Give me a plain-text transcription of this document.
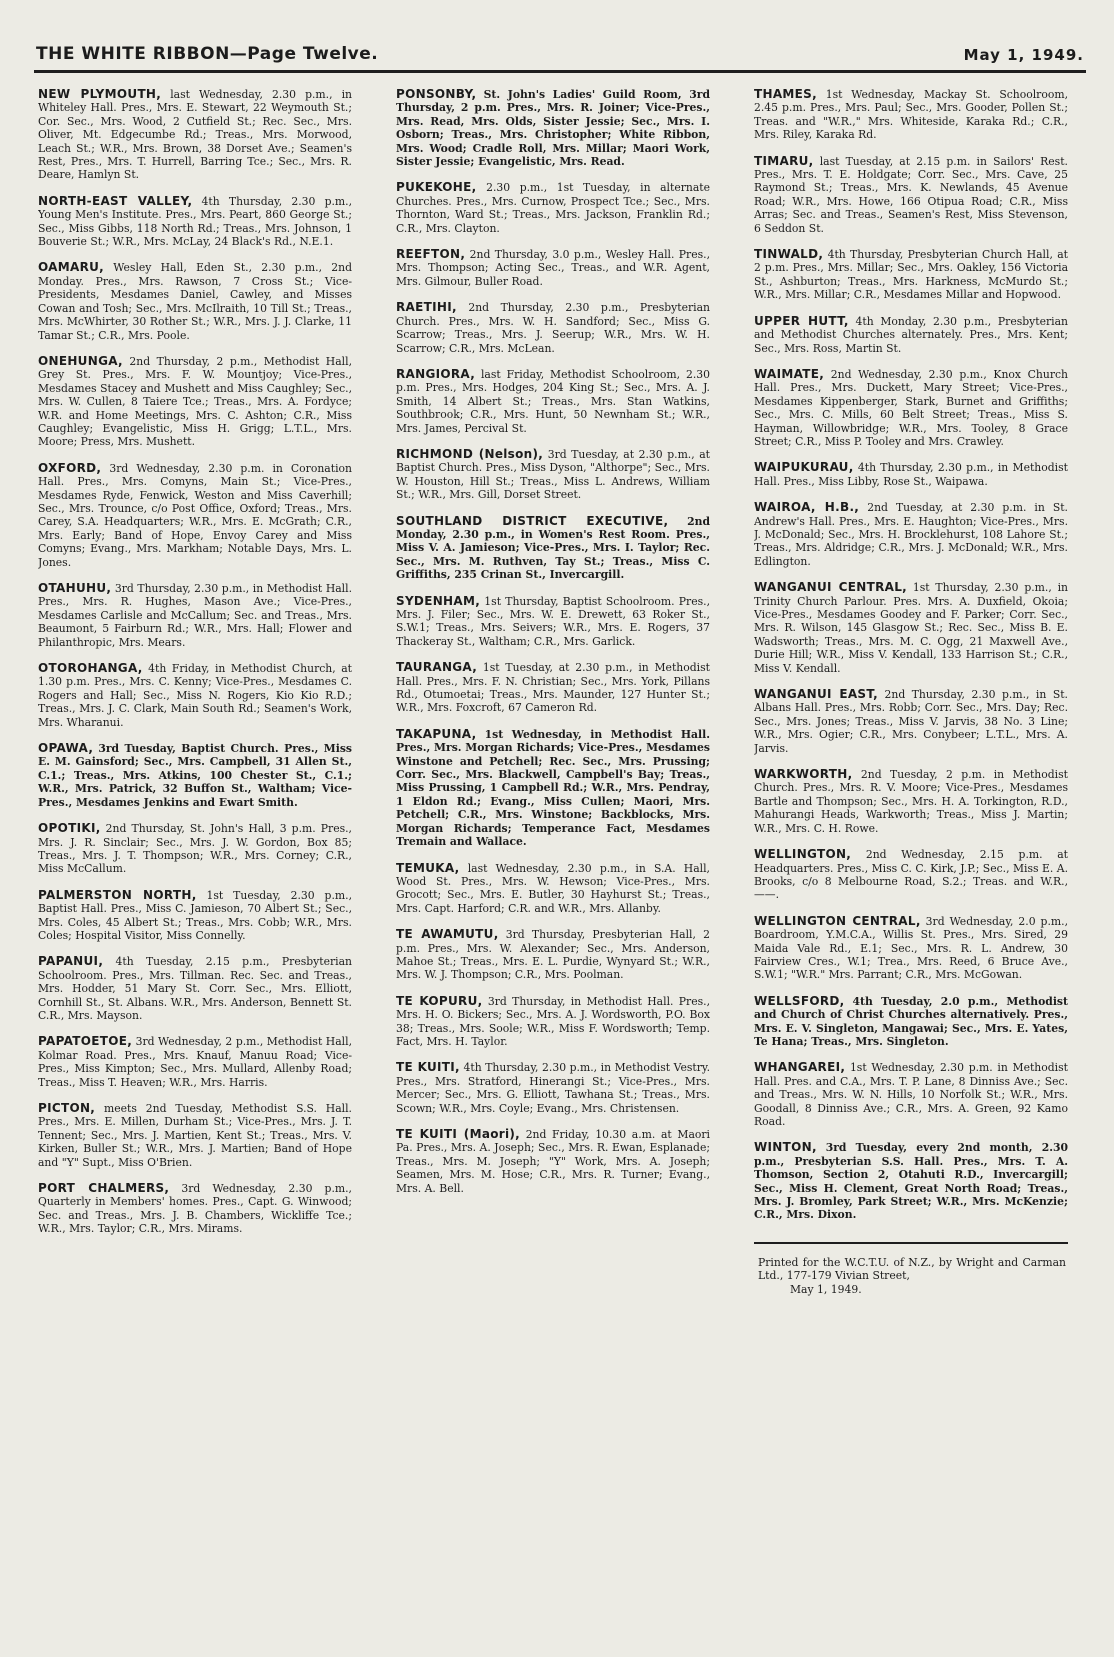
THE WHITE RIBBON—Page Twelve.	May 1, 1949.

NEW PLYMOUTH, last Wednesday, 2.30 p.m., in Whiteley Hall. Pres., Mrs. E. Stewart, 22 Weymouth St.; Cor. Sec., Mrs. Wood, 2 Cutfield St.; Rec. Sec., Mrs. Oliver, Mt. Edgecumbe Rd.; Treas., Mrs. Morwood, Leach St.; W.R., Mrs. Brown, 38 Dorset Ave.; Seamen's Rest, Pres., Mrs. T. Hurrell, Barring Tce.; Sec., Mrs. R. Deare, Hamlyn St.

NORTH-EAST VALLEY, 4th Thursday, 2.30 p.m., Young Men's Institute. Pres., Mrs. Peart, 860 George St.; Sec., Miss Gibbs, 118 North Rd.; Treas., Mrs. Johnson, 1 Bouverie St.; W.R., Mrs. McLay, 24 Black's Rd., N.E.1.

OAMARU, Wesley Hall, Eden St., 2.30 p.m., 2nd Monday. Pres., Mrs. Rawson, 7 Cross St.; Vice-Presidents, Mesdames Daniel, Cawley, and Misses Cowan and Tosh; Sec., Mrs. McIlraith, 10 Till St.; Treas., Mrs. McWhirter, 30 Rother St.; W.R., Mrs. J. J. Clarke, 11 Tamar St.; C.R., Mrs. Poole.

ONEHUNGA, 2nd Thursday, 2 p.m., Methodist Hall, Grey St. Pres., Mrs. F. W. Mountjoy; Vice-Pres., Mesdames Stacey and Mushett and Miss Caughley; Sec., Mrs. W. Cullen, 8 Taiere Tce.; Treas., Mrs. A. Fordyce; W.R. and Home Meetings, Mrs. C. Ashton; C.R., Miss Caughley; Evangelistic, Miss H. Grigg; L.T.L., Mrs. Moore; Press, Mrs. Mushett.

OXFORD, 3rd Wednesday, 2.30 p.m. in Coronation Hall. Pres., Mrs. Comyns, Main St.; Vice-Pres., Mesdames Ryde, Fenwick, Weston and Miss Caverhill; Sec., Mrs. Trounce, c/o Post Office, Oxford; Treas., Mrs. Carey, S.A. Headquarters; W.R., Mrs. E. McGrath; C.R., Mrs. Early; Band of Hope, Envoy Carey and Miss Comyns; Evang., Mrs. Markham; Notable Days, Mrs. L. Jones.

OTAHUHU, 3rd Thursday, 2.30 p.m., in Methodist Hall. Pres., Mrs. R. Hughes, Mason Ave.; Vice-Pres., Mesdames Carlisle and McCallum; Sec. and Treas., Mrs. Beaumont, 5 Fairburn Rd.; W.R., Mrs. Hall; Flower and Philanthropic, Mrs. Mears.

OTOROHANGA, 4th Friday, in Methodist Church, at 1.30 p.m. Pres., Mrs. C. Kenny; Vice-Pres., Mesdames C. Rogers and Hall; Sec., Miss N. Rogers, Kio Kio R.D.; Treas., Mrs. J. C. Clark, Main South Rd.; Seamen's Work, Mrs. Wharanui.

OPAWA, 3rd Tuesday, Baptist Church. Pres., Miss E. M. Gainsford; Sec., Mrs. Campbell, 31 Allen St., C.1.; Treas., Mrs. Atkins, 100 Chester St., C.1.; W.R., Mrs. Patrick, 32 Buffon St., Waltham; Vice-Pres., Mesdames Jenkins and Ewart Smith.

OPOTIKI, 2nd Thursday, St. John's Hall, 3 p.m. Pres., Mrs. J. R. Sinclair; Sec., Mrs. J. W. Gordon, Box 85; Treas., Mrs. J. T. Thompson; W.R., Mrs. Corney; C.R., Miss McCallum.

PALMERSTON NORTH, 1st Tuesday, 2.30 p.m., Baptist Hall. Pres., Miss C. Jamieson, 70 Albert St.; Sec., Mrs. Coles, 45 Albert St.; Treas., Mrs. Cobb; W.R., Mrs. Coles; Hospital Visitor, Miss Connelly.

PAPANUI, 4th Tuesday, 2.15 p.m., Presbyterian Schoolroom. Pres., Mrs. Tillman. Rec. Sec. and Treas., Mrs. Hodder, 51 Mary St. Corr. Sec., Mrs. Elliott, Cornhill St., St. Albans. W.R., Mrs. Anderson, Bennett St. C.R., Mrs. Mayson.

PAPATOETOE, 3rd Wednesday, 2 p.m., Methodist Hall, Kolmar Road. Pres., Mrs. Knauf, Manuu Road; Vice-Pres., Miss Kimpton; Sec., Mrs. Mullard, Allenby Road; Treas., Miss T. Heaven; W.R., Mrs. Harris.

PICTON, meets 2nd Tuesday, Methodist S.S. Hall. Pres., Mrs. E. Millen, Durham St.; Vice-Pres., Mrs. J. T. Tennent; Sec., Mrs. J. Martien, Kent St.; Treas., Mrs. V. Kirken, Buller St.; W.R., Mrs. J. Martien; Band of Hope and "Y" Supt., Miss O'Brien.

PORT CHALMERS, 3rd Wednesday, 2.30 p.m., Quarterly in Members' homes. Pres., Capt. G. Winwood; Sec. and Treas., Mrs. J. B. Chambers, Wickliffe Tce.; W.R., Mrs. Taylor; C.R., Mrs. Mirams.

PONSONBY, St. John's Ladies' Guild Room, 3rd Thursday, 2 p.m. Pres., Mrs. R. Joiner; Vice-Pres., Mrs. Read, Mrs. Olds, Sister Jessie; Sec., Mrs. I. Osborn; Treas., Mrs. Christopher; White Ribbon, Mrs. Wood; Cradle Roll, Mrs. Millar; Maori Work, Sister Jessie; Evangelistic, Mrs. Read.

PUKEKOHE, 2.30 p.m., 1st Tuesday, in alternate Churches. Pres., Mrs. Curnow, Prospect Tce.; Sec., Mrs. Thornton, Ward St.; Treas., Mrs. Jackson, Franklin Rd.; C.R., Mrs. Clayton.

REEFTON, 2nd Thursday, 3.0 p.m., Wesley Hall. Pres., Mrs. Thompson; Acting Sec., Treas., and W.R. Agent, Mrs. Gilmour, Buller Road.

RAETIHI, 2nd Thursday, 2.30 p.m., Presbyterian Church. Pres., Mrs. W. H. Sandford; Sec., Miss G. Scarrow; Treas., Mrs. J. Seerup; W.R., Mrs. W. H. Scarrow; C.R., Mrs. McLean.

RANGIORA, last Friday, Methodist Schoolroom, 2.30 p.m. Pres., Mrs. Hodges, 204 King St.; Sec., Mrs. A. J. Smith, 14 Albert St.; Treas., Mrs. Stan Watkins, Southbrook; C.R., Mrs. Hunt, 50 Newnham St.; W.R., Mrs. James, Percival St.

RICHMOND (Nelson), 3rd Tuesday, at 2.30 p.m., at Baptist Church. Pres., Miss Dyson, "Althorpe"; Sec., Mrs. W. Houston, Hill St.; Treas., Miss L. Andrews, William St.; W.R., Mrs. Gill, Dorset Street.

SOUTHLAND DISTRICT EXECUTIVE, 2nd Monday, 2.30 p.m., in Women's Rest Room. Pres., Miss V. A. Jamieson; Vice-Pres., Mrs. I. Taylor; Rec. Sec., Mrs. M. Ruthven, Tay St.; Treas., Miss C. Griffiths, 235 Crinan St., Invercargill.

SYDENHAM, 1st Thursday, Baptist Schoolroom. Pres., Mrs. J. Filer; Sec., Mrs. W. E. Drewett, 63 Roker St., S.W.1; Treas., Mrs. Seivers; W.R., Mrs. E. Rogers, 37 Thackeray St., Waltham; C.R., Mrs. Garlick.

TAURANGA, 1st Tuesday, at 2.30 p.m., in Methodist Hall. Pres., Mrs. F. N. Christian; Sec., Mrs. York, Pillans Rd., Otumoetai; Treas., Mrs. Maunder, 127 Hunter St.; W.R., Mrs. Foxcroft, 67 Cameron Rd.

TAKAPUNA, 1st Wednesday, in Methodist Hall. Pres., Mrs. Morgan Richards; Vice-Pres., Mesdames Winstone and Petchell; Rec. Sec., Mrs. Prussing; Corr. Sec., Mrs. Blackwell, Campbell's Bay; Treas., Miss Prussing, 1 Campbell Rd.; W.R., Mrs. Pendray, 1 Eldon Rd.; Evang., Miss Cullen; Maori, Mrs. Petchell; C.R., Mrs. Winstone; Backblocks, Mrs. Morgan Richards; Temperance Fact, Mesdames Tremain and Wallace.

TEMUKA, last Wednesday, 2.30 p.m., in S.A. Hall, Wood St. Pres., Mrs. W. Hewson; Vice-Pres., Mrs. Grocott; Sec., Mrs. E. Butler, 30 Hayhurst St.; Treas., Mrs. Capt. Harford; C.R. and W.R., Mrs. Allanby.

TE AWAMUTU, 3rd Thursday, Presbyterian Hall, 2 p.m. Pres., Mrs. W. Alexander; Sec., Mrs. Anderson, Mahoe St.; Treas., Mrs. E. L. Purdie, Wynyard St.; W.R., Mrs. W. J. Thompson; C.R., Mrs. Poolman.

TE KOPURU, 3rd Thursday, in Methodist Hall. Pres., Mrs. H. O. Bickers; Sec., Mrs. A. J. Wordsworth, P.O. Box 38; Treas., Mrs. Soole; W.R., Miss F. Wordsworth; Temp. Fact, Mrs. H. Taylor.

TE KUITI, 4th Thursday, 2.30 p.m., in Methodist Vestry. Pres., Mrs. Stratford, Hinerangi St.; Vice-Pres., Mrs. Mercer; Sec., Mrs. G. Elliott, Tawhana St.; Treas., Mrs. Scown; W.R., Mrs. Coyle; Evang., Mrs. Christensen.

TE KUITI (Maori), 2nd Friday, 10.30 a.m. at Maori Pa. Pres., Mrs. A. Joseph; Sec., Mrs. R. Ewan, Esplanade; Treas., Mrs. M. Joseph; "Y" Work, Mrs. A. Joseph; Seamen, Mrs. M. Hose; C.R., Mrs. R. Turner; Evang., Mrs. A. Bell.

THAMES, 1st Wednesday, Mackay St. Schoolroom, 2.45 p.m. Pres., Mrs. Paul; Sec., Mrs. Gooder, Pollen St.; Treas. and "W.R.," Mrs. Whiteside, Karaka Rd.; C.R., Mrs. Riley, Karaka Rd.

TIMARU, last Tuesday, at 2.15 p.m. in Sailors' Rest. Pres., Mrs. T. E. Holdgate; Corr. Sec., Mrs. Cave, 25 Raymond St.; Treas., Mrs. K. Newlands, 45 Avenue Road; W.R., Mrs. Howe, 166 Otipua Road; C.R., Miss Arras; Sec. and Treas., Seamen's Rest, Miss Stevenson, 6 Seddon St.

TINWALD, 4th Thursday, Presbyterian Church Hall, at 2 p.m. Pres., Mrs. Millar; Sec., Mrs. Oakley, 156 Victoria St., Ashburton; Treas., Mrs. Harkness, McMurdo St.; W.R., Mrs. Millar; C.R., Mesdames Millar and Hopwood.

UPPER HUTT, 4th Monday, 2.30 p.m., Presbyterian and Methodist Churches alternately. Pres., Mrs. Kent; Sec., Mrs. Ross, Martin St.

WAIMATE, 2nd Wednesday, 2.30 p.m., Knox Church Hall. Pres., Mrs. Duckett, Mary Street; Vice-Pres., Mesdames Kippenberger, Stark, Burnet and Griffiths; Sec., Mrs. C. Mills, 60 Belt Street; Treas., Miss S. Hayman, Willowbridge; W.R., Mrs. Tooley, 8 Grace Street; C.R., Miss P. Tooley and Mrs. Crawley.

WAIPUKURAU, 4th Thursday, 2.30 p.m., in Methodist Hall. Pres., Miss Libby, Rose St., Waipawa.

WAIROA, H.B., 2nd Tuesday, at 2.30 p.m. in St. Andrew's Hall. Pres., Mrs. E. Haughton; Vice-Pres., Mrs. J. McDonald; Sec., Mrs. H. Brocklehurst, 108 Lahore St.; Treas., Mrs. Aldridge; C.R., Mrs. J. McDonald; W.R., Mrs. Edlington.

WANGANUI CENTRAL, 1st Thursday, 2.30 p.m., in Trinity Church Parlour. Pres. Mrs. A. Duxfield, Okoia; Vice-Pres., Mesdames Goodey and F. Parker; Corr. Sec., Mrs. R. Wilson, 145 Glasgow St.; Rec. Sec., Miss B. E. Wadsworth; Treas., Mrs. M. C. Ogg, 21 Maxwell Ave., Durie Hill; W.R., Miss V. Kendall, 133 Harrison St.; C.R., Miss V. Kendall.

WANGANUI EAST, 2nd Thursday, 2.30 p.m., in St. Albans Hall. Pres., Mrs. Robb; Corr. Sec., Mrs. Day; Rec. Sec., Mrs. Jones; Treas., Miss V. Jarvis, 38 No. 3 Line; W.R., Mrs. Ogier; C.R., Mrs. Conybeer; L.T.L., Mrs. A. Jarvis.

WARKWORTH, 2nd Tuesday, 2 p.m. in Methodist Church. Pres., Mrs. R. V. Moore; Vice-Pres., Mesdames Bartle and Thompson; Sec., Mrs. H. A. Torkington, R.D., Mahurangi Heads, Warkworth; Treas., Miss J. Martin; W.R., Mrs. C. H. Rowe.

WELLINGTON, 2nd Wednesday, 2.15 p.m. at Headquarters. Pres., Miss C. C. Kirk, J.P.; Sec., Miss E. A. Brooks, c/o 8 Melbourne Road, S.2.; Treas. and W.R., ——.

WELLINGTON CENTRAL, 3rd Wednesday, 2.0 p.m., Boardroom, Y.M.C.A., Willis St. Pres., Mrs. Sired, 29 Maida Vale Rd., E.1; Sec., Mrs. R. L. Andrew, 30 Fairview Cres., W.1; Trea., Mrs. Reed, 6 Bruce Ave., S.W.1; "W.R." Mrs. Parrant; C.R., Mrs. McGowan.

WELLSFORD, 4th Tuesday, 2.0 p.m., Methodist and Church of Christ Churches alternatively. Pres., Mrs. E. V. Singleton, Mangawai; Sec., Mrs. E. Yates, Te Hana; Treas., Mrs. Singleton.

WHANGAREI, 1st Wednesday, 2.30 p.m. in Methodist Hall. Pres. and C.A., Mrs. T. P. Lane, 8 Dinniss Ave.; Sec. and Treas., Mrs. W. N. Hills, 10 Norfolk St.; W.R., Mrs. Goodall, 8 Dinniss Ave.; C.R., Mrs. A. Green, 92 Kamo Road.

WINTON, 3rd Tuesday, every 2nd month, 2.30 p.m., Presbyterian S.S. Hall. Pres., Mrs. T. A. Thomson, Section 2, Otahuti R.D., Invercargill; Sec., Miss H. Clement, Great North Road; Treas., Mrs. J. Bromley, Park Street; W.R., Mrs. McKenzie; C.R., Mrs. Dixon.

Printed for the W.C.T.U. of N.Z., by Wright and Carman Ltd., 177-179 Vivian Street,
May 1, 1949.
